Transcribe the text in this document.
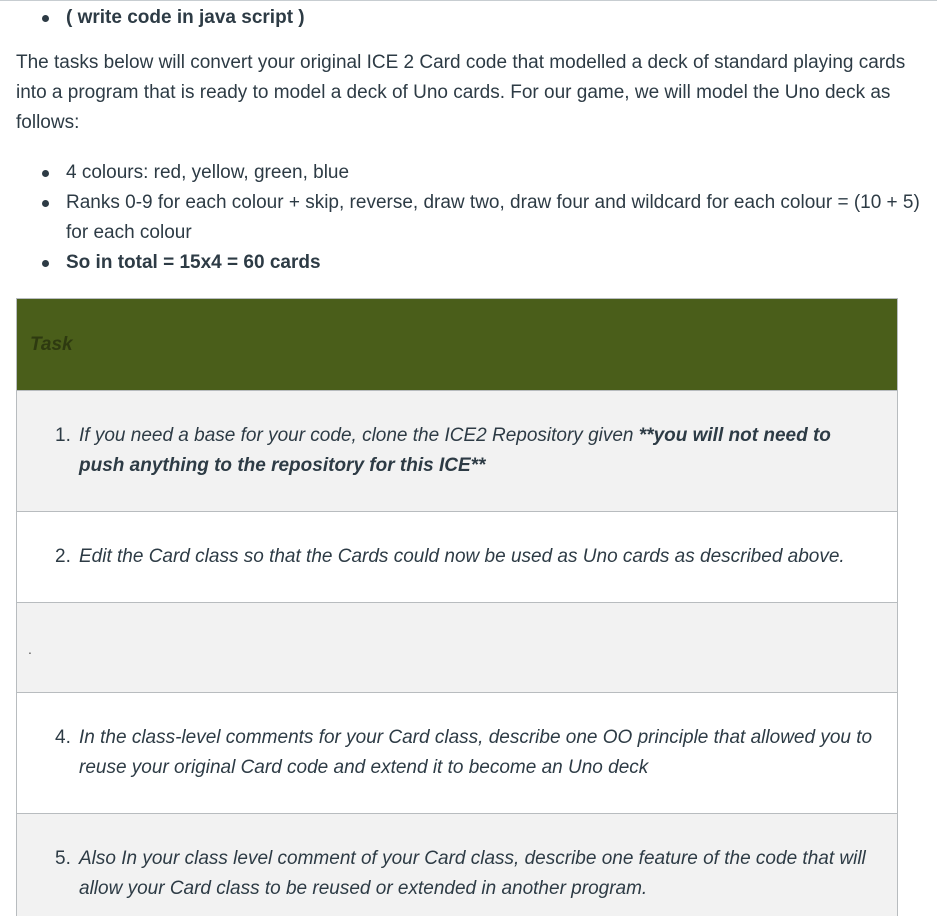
( write code in java script )

The tasks below will convert your original ICE 2 Card code that modelled a deck of standard playing cards into a program that is ready to model a deck of Uno cards. For our game, we will model the Uno deck as follows:

4 colours: red, yellow, green, blue
Ranks 0-9 for each colour + skip, reverse, draw two, draw four and wildcard for each colour = (10 + 5) for each colour
So in total = 15x4 = 60 cards
Task

1. If you need a base for your code, clone the ICE2 Repository given **you will not need to push anything to the repository for this ICE**

2. Edit the Card class so that the Cards could now be used as Uno cards as described above.

.

4. In the class-level comments for your Card class, describe one OO principle that allowed you to reuse your original Card code and extend it to become an Uno deck

5. Also In your class level comment of your Card class, describe one feature of the code that will allow your Card class to be reused or extended in another program.
